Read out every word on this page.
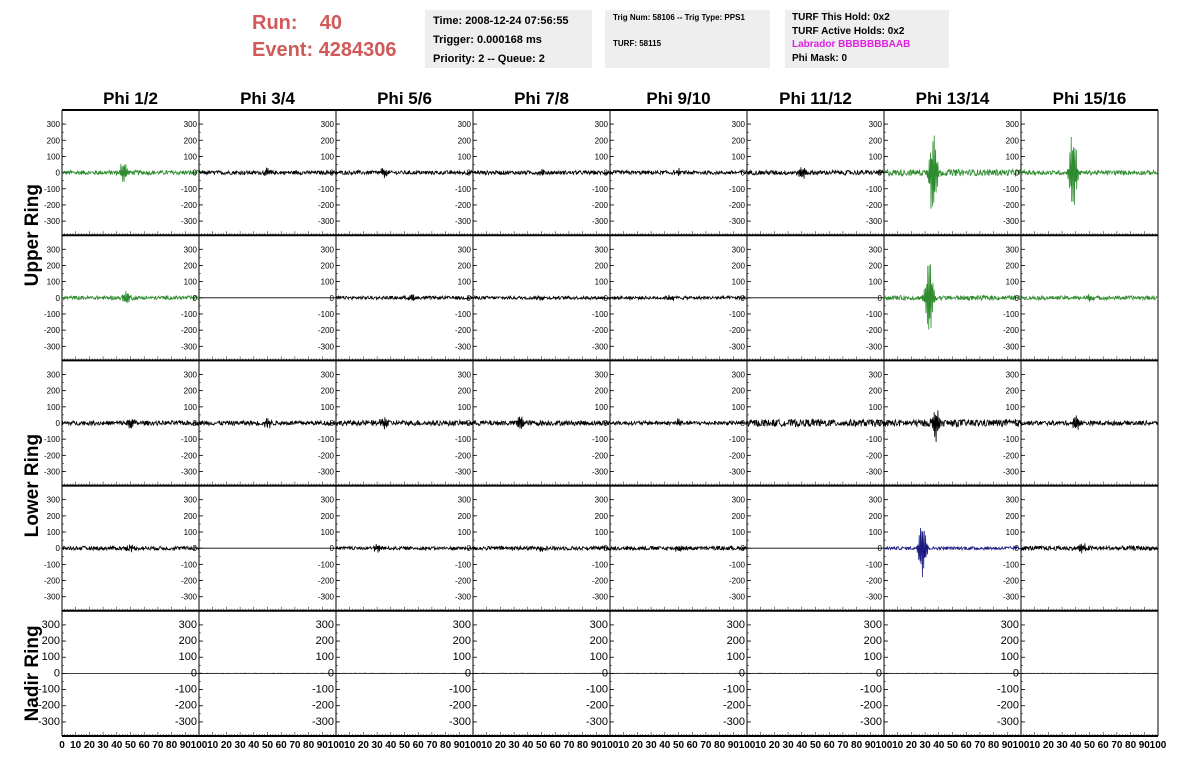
Run: 40
Event: 4284306
Time: 2008-12-24 07:56:55
Trigger: 0.000168 ms
Priority: 2 -- Queue: 2
Trig Num: 58106 -- Trig Type: PPS1
TURF: 58115
TURF This Hold: 0x2
TURF Active Holds: 0x2
Labrador BBBBBBBAAB
Phi Mask: 0
Phi 1/2	Phi 3/4	Phi 5/6	Phi 7/8	Phi 9/10	Phi 11/12	Phi 13/14	Phi 15/16
Upper Ring
Lower Ring
Nadir Ring
-300
-200
-100
0
100
200
300
-300
-200
-100
0
100
200
300
-300
-200
-100
0
100
200
300
-300
-200
-100
0
100
200
300
-300
-200
-100
0
100
200
300
-300
-200
-100
0
100
200
300
-300
-200
-100
0
100
200
300
-300
-200
-100
0
100
200
300
-300
-200
-100
0
100
200
300
-300
-200
-100
0
100
200
300
-300
-200
-100
0
100
200
300
-300
-200
-100
0
100
200
300
-300
-200
-100
0
100
200
300
-300
-200
-100
0
100
200
300
-300
-200
-100
0
100
200
300
-300
-200
-100
0
100
200
300
-300
-200
-100
0
100
200
300
-300
-200
-100
0
100
200
300
-300
-200
-100
0
100
200
300
-300
-200
-100
0
100
200
300
-300
-200
-100
0
100
200
300
-300
-200
-100
0
100
200
300
-300
-200
-100
0
100
200
300
-300
-200
-100
0
100
200
300
-300
-200
-100
0
100
200
300
-300
-200
-100
0
100
200
300
-300
-200
-100
0
100
200
300
-300
-200
-100
0
100
200
300
-300
-200
-100
0
100
200
300
-300
-200
-100
0
100
200
300
-300
-200
-100
0
100
200
300
-300
-200
-100
0
100
200
300
-300
-200
-100
0
100
200
300
-300
-200
-100
0
100
200
300
-300
-200
-100
0
100
200
300
-300
-200
-100
0
100
200
300
-300
-200
-100
0
100
200
300
-300
-200
-100
0
100
200
300
-300
-200
-100
0
100
200
300
-300
-200
-100
0
100
200
300
0 10 20 30 40 50 60 70 80 90 100 10 20 30 40 50 60 70 80 90 100 10 20 30 40 50 60 70 80 90 100 10 20 30 40 50 60 70 80 90 100 10 20 30 40 50 60 70 80 90 100 10 20 30 40 50 60 70 80 90 100 10 20 30 40 50 60 70 80 90 100 10 20 30 40 50 60 70 80 90 100
